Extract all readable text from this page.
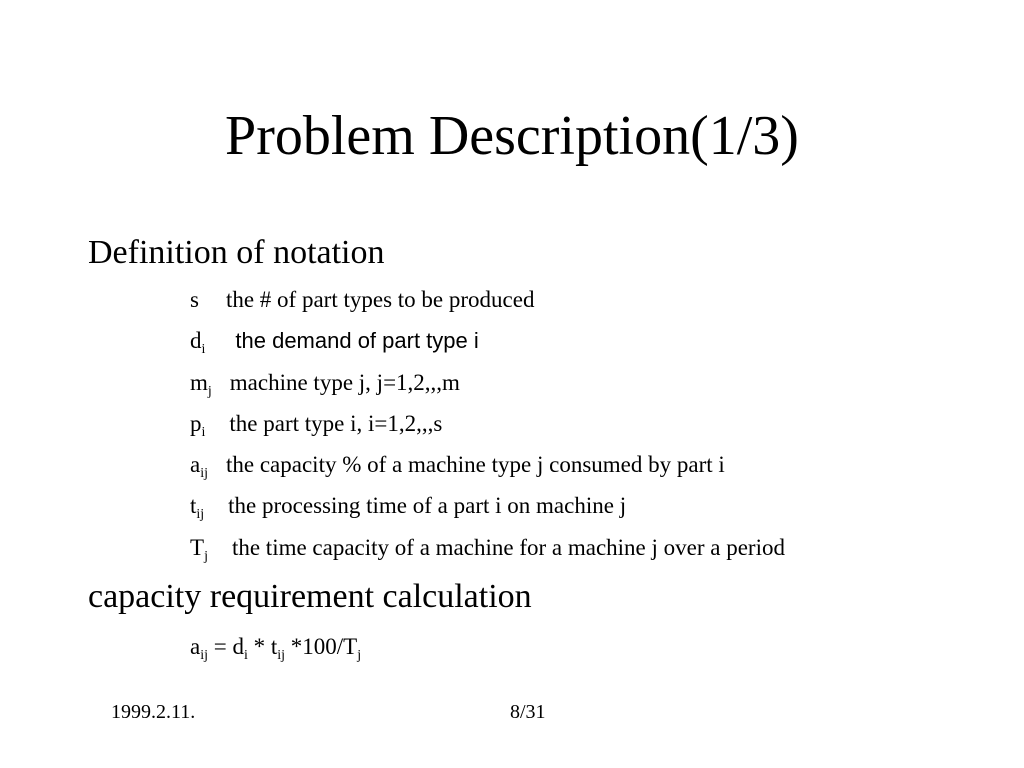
Problem Description(1/3)
Definition of notation
s the # of part types to be produced
$d_i$ the demand of part type i
$m_j$ machine type j, j=1,2,,,m
$p_i$ the part type i, i=1,2,,,s
$a_{ij}$ the capacity % of a machine type j consumed by part i
$t_{ij}$ the processing time of a part i on machine j
$T_j$ the time capacity of a machine for a machine j over a period
capacity requirement calculation
$a_{ij} = d_i * t_{ij}$ $*100/T_j$
1999.2.11.	8/31
